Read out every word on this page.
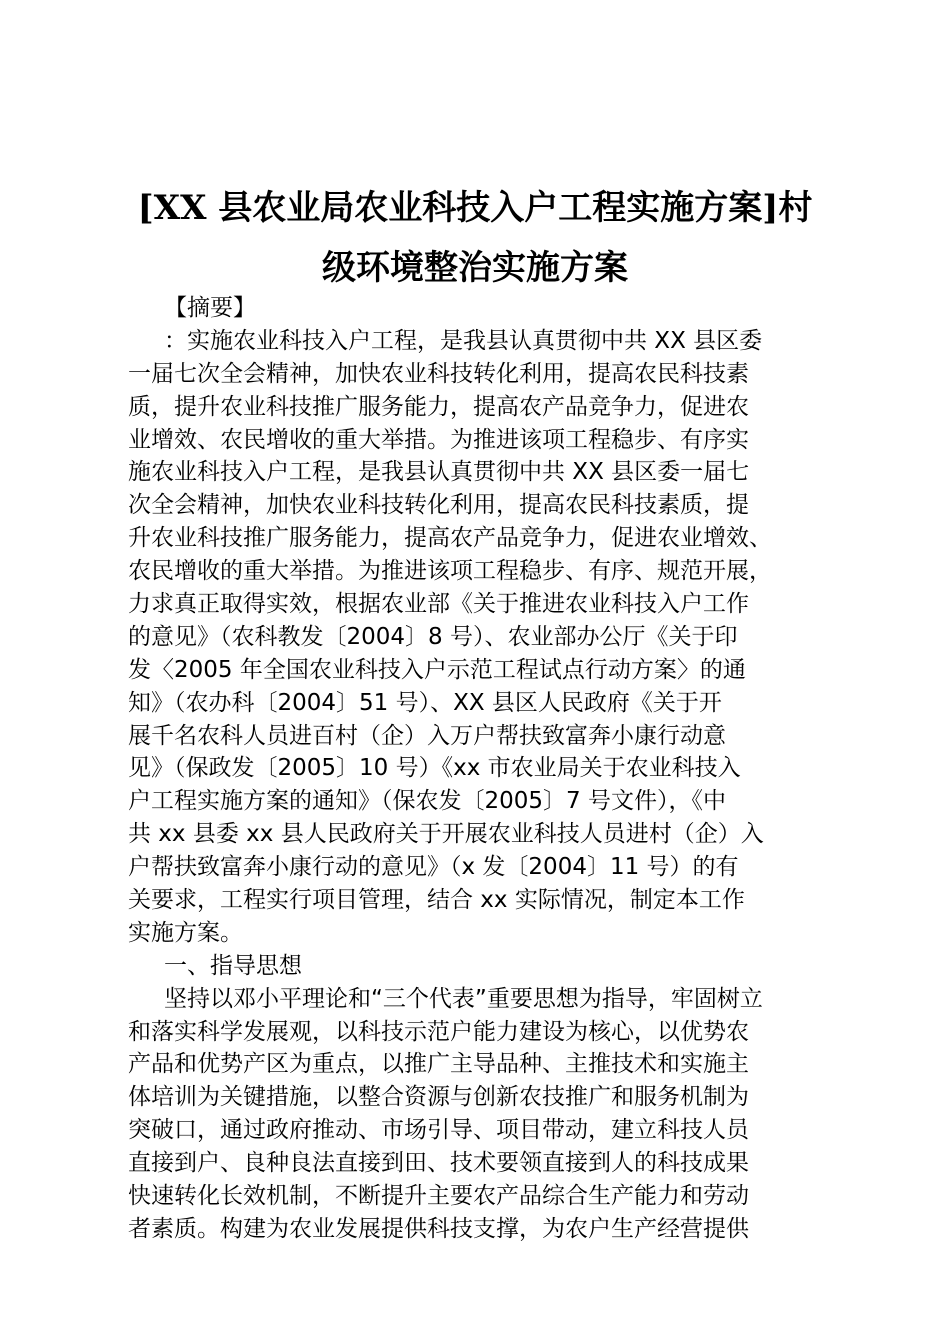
[XX 县农业局农业科技入户工程实施方案]村
级环境整治实施方案
【摘要】
：实施农业科技入户工程，是我县认真贯彻中共 XX 县区委
一届七次全会精神，加快农业科技转化利用，提高农民科技素
质，提升农业科技推广服务能力，提高农产品竞争力，促进农
业增效、农民增收的重大举措。为推进该项工程稳步、有序实
施农业科技入户工程，是我县认真贯彻中共 XX 县区委一届七
次全会精神，加快农业科技转化利用，提高农民科技素质，提
升农业科技推广服务能力，提高农产品竞争力，促进农业增效、
农民增收的重大举措。为推进该项工程稳步、有序、规范开展，
力求真正取得实效，根据农业部《关于推进农业科技入户工作
的意见》（农科教发〔2004〕8 号）、农业部办公厅《关于印
发〈2005 年全国农业科技入户示范工程试点行动方案〉的通
知》（农办科〔2004〕51 号）、XX 县区人民政府《关于开
展千名农科人员进百村（企）入万户帮扶致富奔小康行动意
见》（保政发〔2005〕10 号）《xx 市农业局关于农业科技入
户工程实施方案的通知》（保农发〔2005〕7 号文件），《中
共 xx 县委 xx 县人民政府关于开展农业科技人员进村（企）入
户帮扶致富奔小康行动的意见》（x 发〔2004〕11 号）的有
关要求，工程实行项目管理，结合 xx 实际情况，制定本工作
实施方案。
一、指导思想
坚持以邓小平理论和“三个代表”重要思想为指导，牢固树立
和落实科学发展观，以科技示范户能力建设为核心，以优势农
产品和优势产区为重点，以推广主导品种、主推技术和实施主
体培训为关键措施，以整合资源与创新农技推广和服务机制为
突破口，通过政府推动、市场引导、项目带动，建立科技人员
直接到户、良种良法直接到田、技术要领直接到人的科技成果
快速转化长效机制，不断提升主要农产品综合生产能力和劳动
者素质。构建为农业发展提供科技支撑，为农户生产经营提供
